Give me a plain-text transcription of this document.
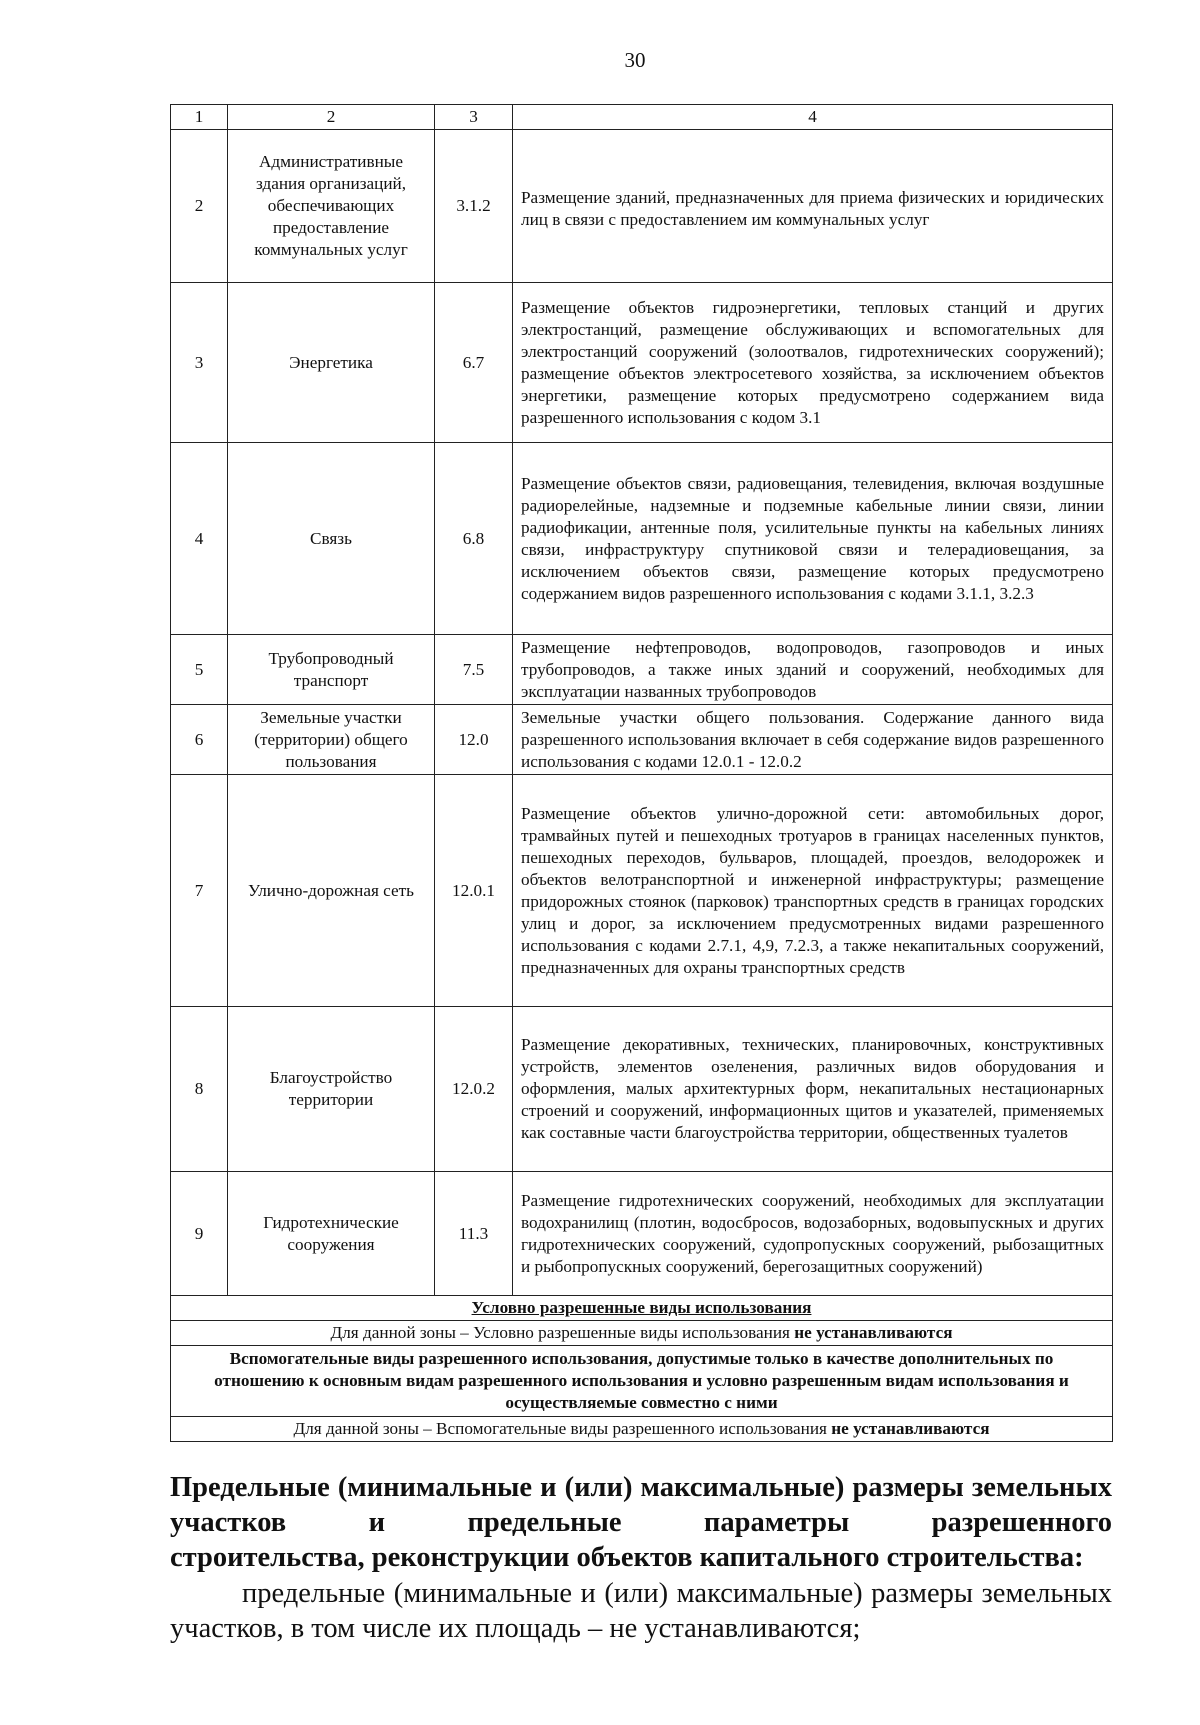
30
1	2	3	4
2	Административные здания организаций, обеспечивающих предоставление коммунальных услуг	3.1.2	Размещение зданий, предназначенных для приема физических и юридических лиц в связи с предоставлением им коммунальных услуг
3	Энергетика	6.7	Размещение объектов гидроэнергетики, тепловых станций и других электростанций, размещение обслуживающих и вспомогательных для электростанций сооружений (золоотвалов, гидротехнических сооружений); размещение объектов электросетевого хозяйства, за исключением объектов энергетики, размещение которых предусмотрено содержанием вида разрешенного использования с кодом 3.1
4	Связь	6.8	Размещение объектов связи, радиовещания, телевидения, включая воздушные радиорелейные, надземные и подземные кабельные линии связи, линии радиофикации, антенные поля, усилительные пункты на кабельных линиях связи, инфраструктуру спутниковой связи и телерадиовещания, за исключением объектов связи, размещение которых предусмотрено содержанием видов разрешенного использования с кодами 3.1.1, 3.2.3
5	Трубопроводный транспорт	7.5	Размещение нефтепроводов, водопроводов, газопроводов и иных трубопроводов, а также иных зданий и сооружений, необходимых для эксплуатации названных трубопроводов
6	Земельные участки (территории) общего пользования	12.0	Земельные участки общего пользования. Содержание данного вида разрешенного использования включает в себя содержание видов разрешенного использования с кодами 12.0.1 - 12.0.2
7	Улично-дорожная сеть	12.0.1	Размещение объектов улично-дорожной сети: автомобильных дорог, трамвайных путей и пешеходных тротуаров в границах населенных пунктов, пешеходных переходов, бульваров, площадей, проездов, велодорожек и объектов велотранспортной и инженерной инфраструктуры; размещение придорожных стоянок (парковок) транспортных средств в границах городских улиц и дорог, за исключением предусмотренных видами разрешенного использования с кодами 2.7.1, 4,9, 7.2.3, а также некапитальных сооружений, предназначенных для охраны транспортных средств
8	Благоустройство территории	12.0.2	Размещение декоративных, технических, планировочных, конструктивных устройств, элементов озеленения, различных видов оборудования и оформления, малых архитектурных форм, некапитальных нестационарных строений и сооружений, информационных щитов и указателей, применяемых как составные части благоустройства территории, общественных туалетов
9	Гидротехнические сооружения	11.3	Размещение гидротехнических сооружений, необходимых для эксплуатации водохранилищ (плотин, водосбросов, водозаборных, водовыпускных и других гидротехнических сооружений, судопропускных сооружений, рыбозащитных и рыбопропускных сооружений, берегозащитных сооружений)
Условно разрешенные виды использования			
Для данной зоны – Условно разрешенные виды использования не устанавливаются			
Вспомогательные виды разрешенного использования, допустимые только в качестве дополнительных по отношению к основным видам разрешенного использования и условно разрешенным видам использования и осуществляемые совместно с ними			
Для данной зоны – Вспомогательные виды разрешенного использования не устанавливаются			
Предельные (минимальные и (или) максимальные) размеры земельных участков и предельные параметры разрешенного
строительства, реконструкции объектов капитального строительства:
предельные (минимальные и (или) максимальные) размеры земельных участков, в том числе их площадь – не устанавливаются;
